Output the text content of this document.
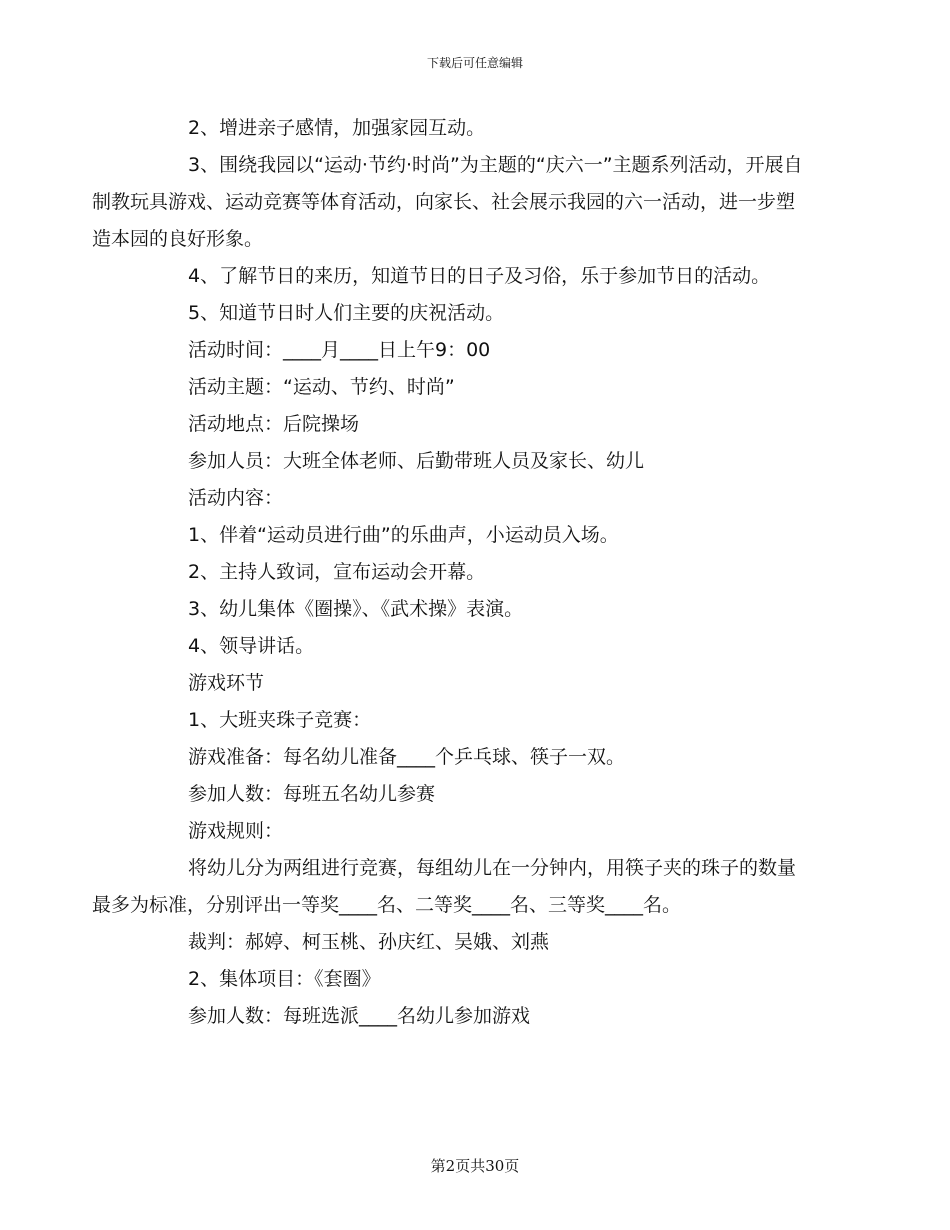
下载后可任意编辑

2、增进亲子感情，加强家园互动。

3、围绕我园以“运动·节约·时尚”为主题的“庆六一”主题系列活动，开展自制教玩具游戏、运动竞赛等体育活动，向家长、社会展示我园的六一活动，进一步塑造本园的良好形象。

4、了解节日的来历，知道节日的日子及习俗，乐于参加节日的活动。

5、知道节日时人们主要的庆祝活动。

活动时间：____月____日上午9：00

活动主题：“运动、节约、时尚”

活动地点：后院操场

参加人员：大班全体老师、后勤带班人员及家长、幼儿

活动内容：

1、伴着“运动员进行曲”的乐曲声，小运动员入场。

2、主持人致词，宣布运动会开幕。

3、幼儿集体《圈操》、《武术操》表演。

4、领导讲话。

游戏环节

1、大班夹珠子竞赛：

游戏准备：每名幼儿准备____个乒乓球、筷子一双。

参加人数：每班五名幼儿参赛

游戏规则：

将幼儿分为两组进行竞赛，每组幼儿在一分钟内，用筷子夹的珠子的数量最多为标准，分别评出一等奖____名、二等奖____名、三等奖____名。

裁判：郝婷、柯玉桃、孙庆红、吴娥、刘燕

2、集体项目：《套圈》

参加人数：每班选派____名幼儿参加游戏

第2页共30页
